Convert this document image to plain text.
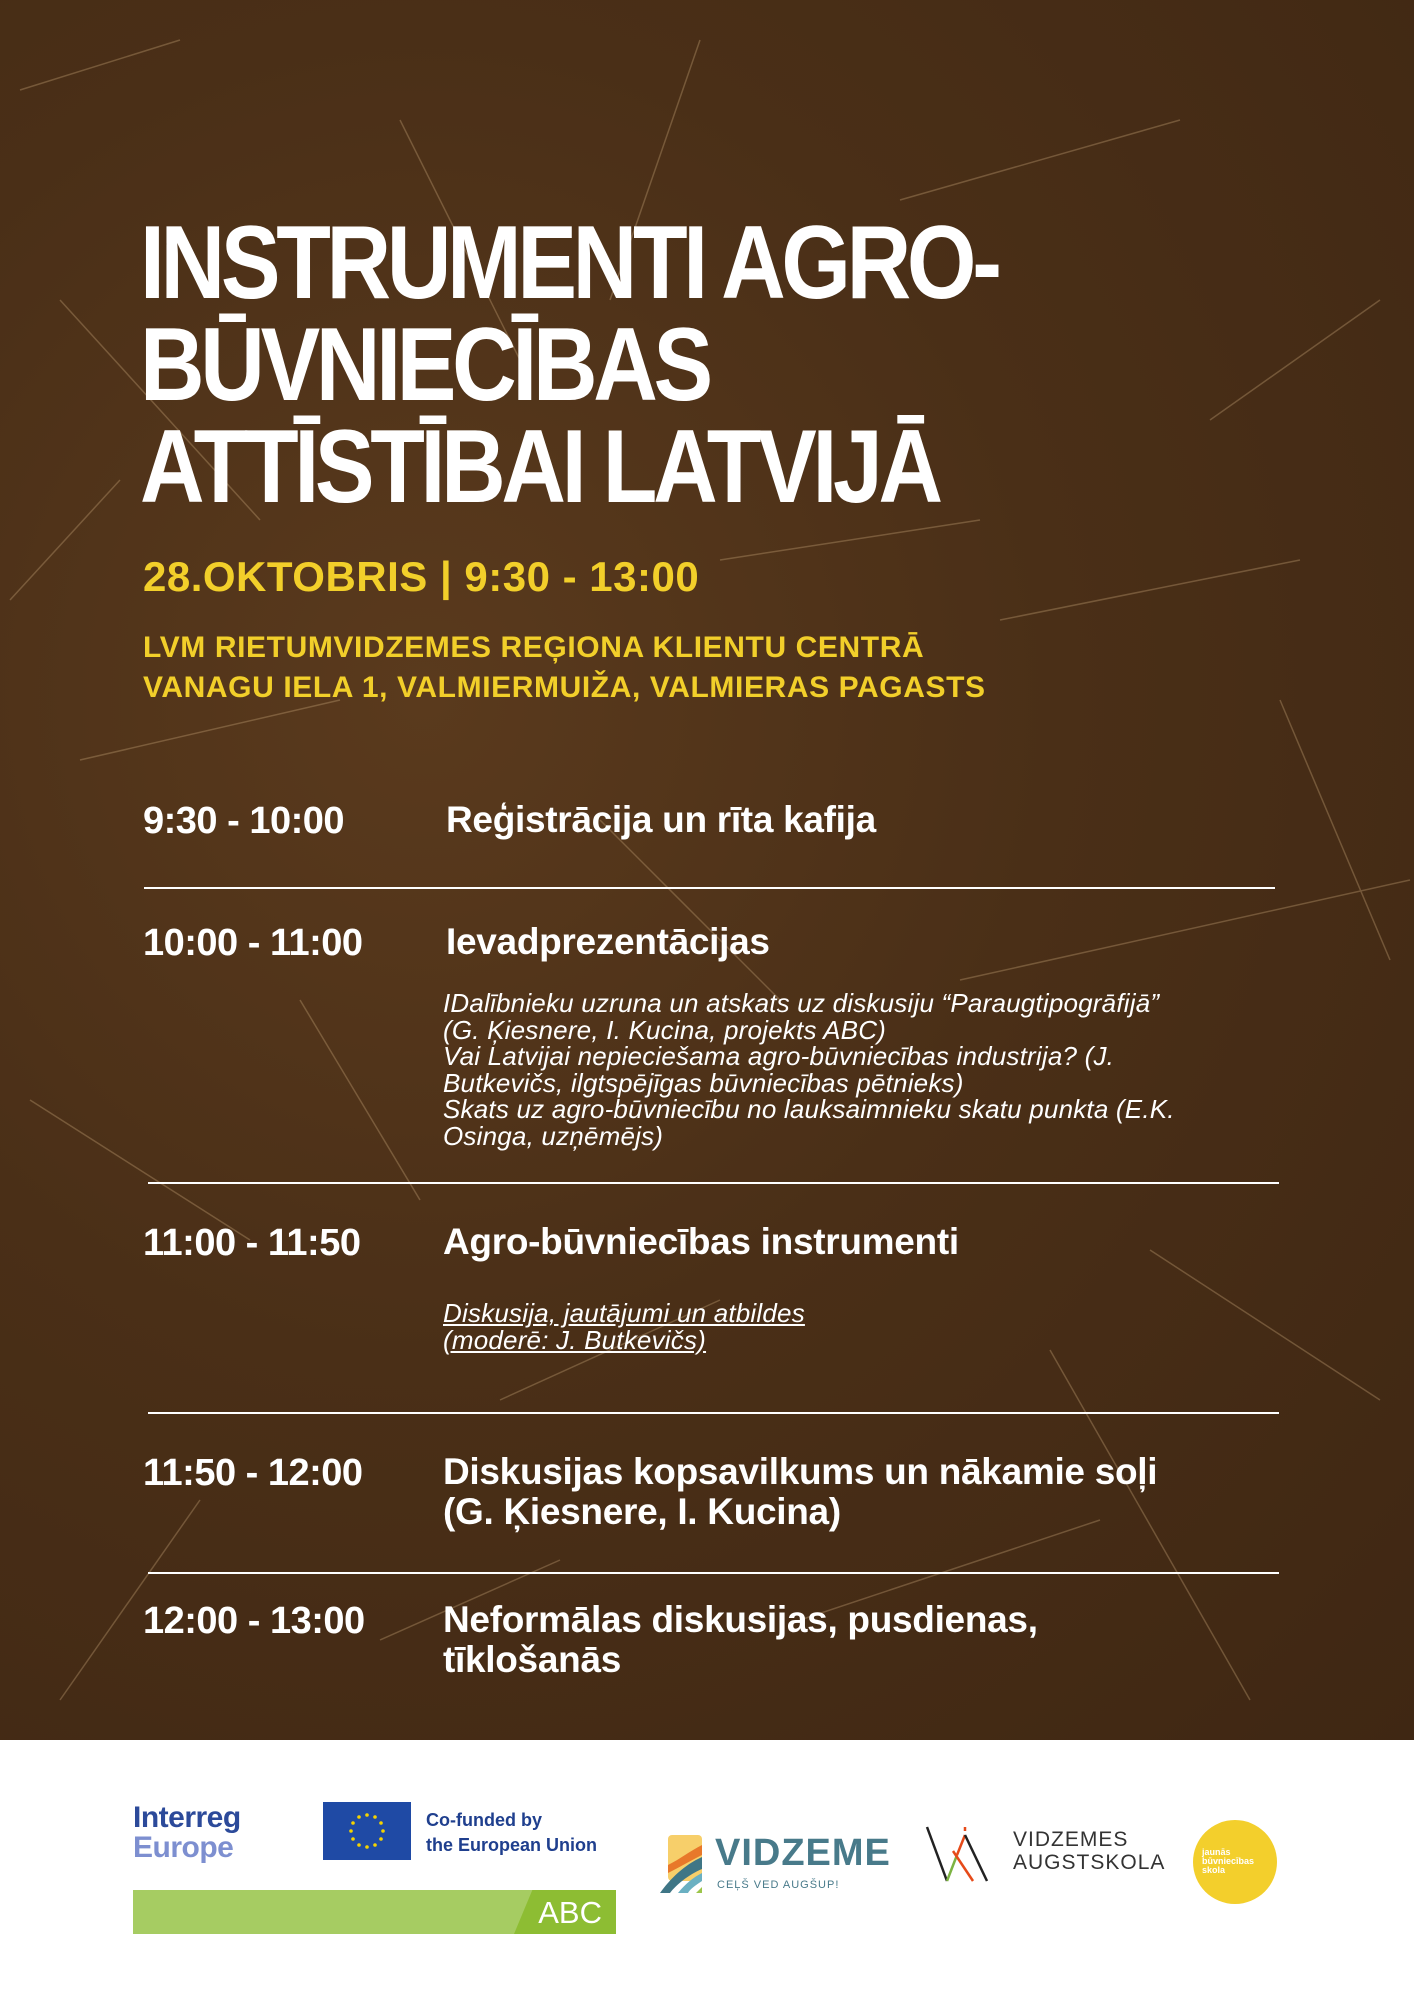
INSTRUMENTI AGRO-
BŪVNIECĪBAS
ATTĪSTĪBAI LATVIJĀ
28.OKTOBRIS | 9:30 - 13:00
LVM RIETUMVIDZEMES REĢIONA KLIENTU CENTRĀ
VANAGU IELA 1, VALMIERMUIŽA, VALMIERAS PAGASTS
9:30 - 10:00	Reģistrācija un rīta kafija
10:00 - 11:00 Ievadprezentācijas
IDalībnieku uzruna un atskats uz diskusiju “Paraugtipogrāfijā”
(G. Ķiesnere, I. Kucina, projekts ABC)
Vai Latvijai nepieciešama agro-būvniecības industrija? (J.
Butkevičs, ilgtspējīgas būvniecības pētnieks)
Skats uz agro-būvniecību no lauksaimnieku skatu punkta (E.K.
Osinga, uzņēmējs)
11:00 - 11:50 Agro-būvniecības instrumenti
Diskusija, jautājumi un atbildes
(moderē: J. Butkevičs)
11:50 - 12:00 Diskusijas kopsavilkums un nākamie soļi
(G. Ķiesnere, I. Kucina)
12:00 - 13:00 Neformālas diskusijas, pusdienas,
tīklošanās
Interreg
Europe
Co-funded by
the European Union
ABC
VIDZEME
CEĻŠ VED AUGŠUP!
VIDZEMES
AUGSTSKOLA	jaunās
būvniecības
skola
